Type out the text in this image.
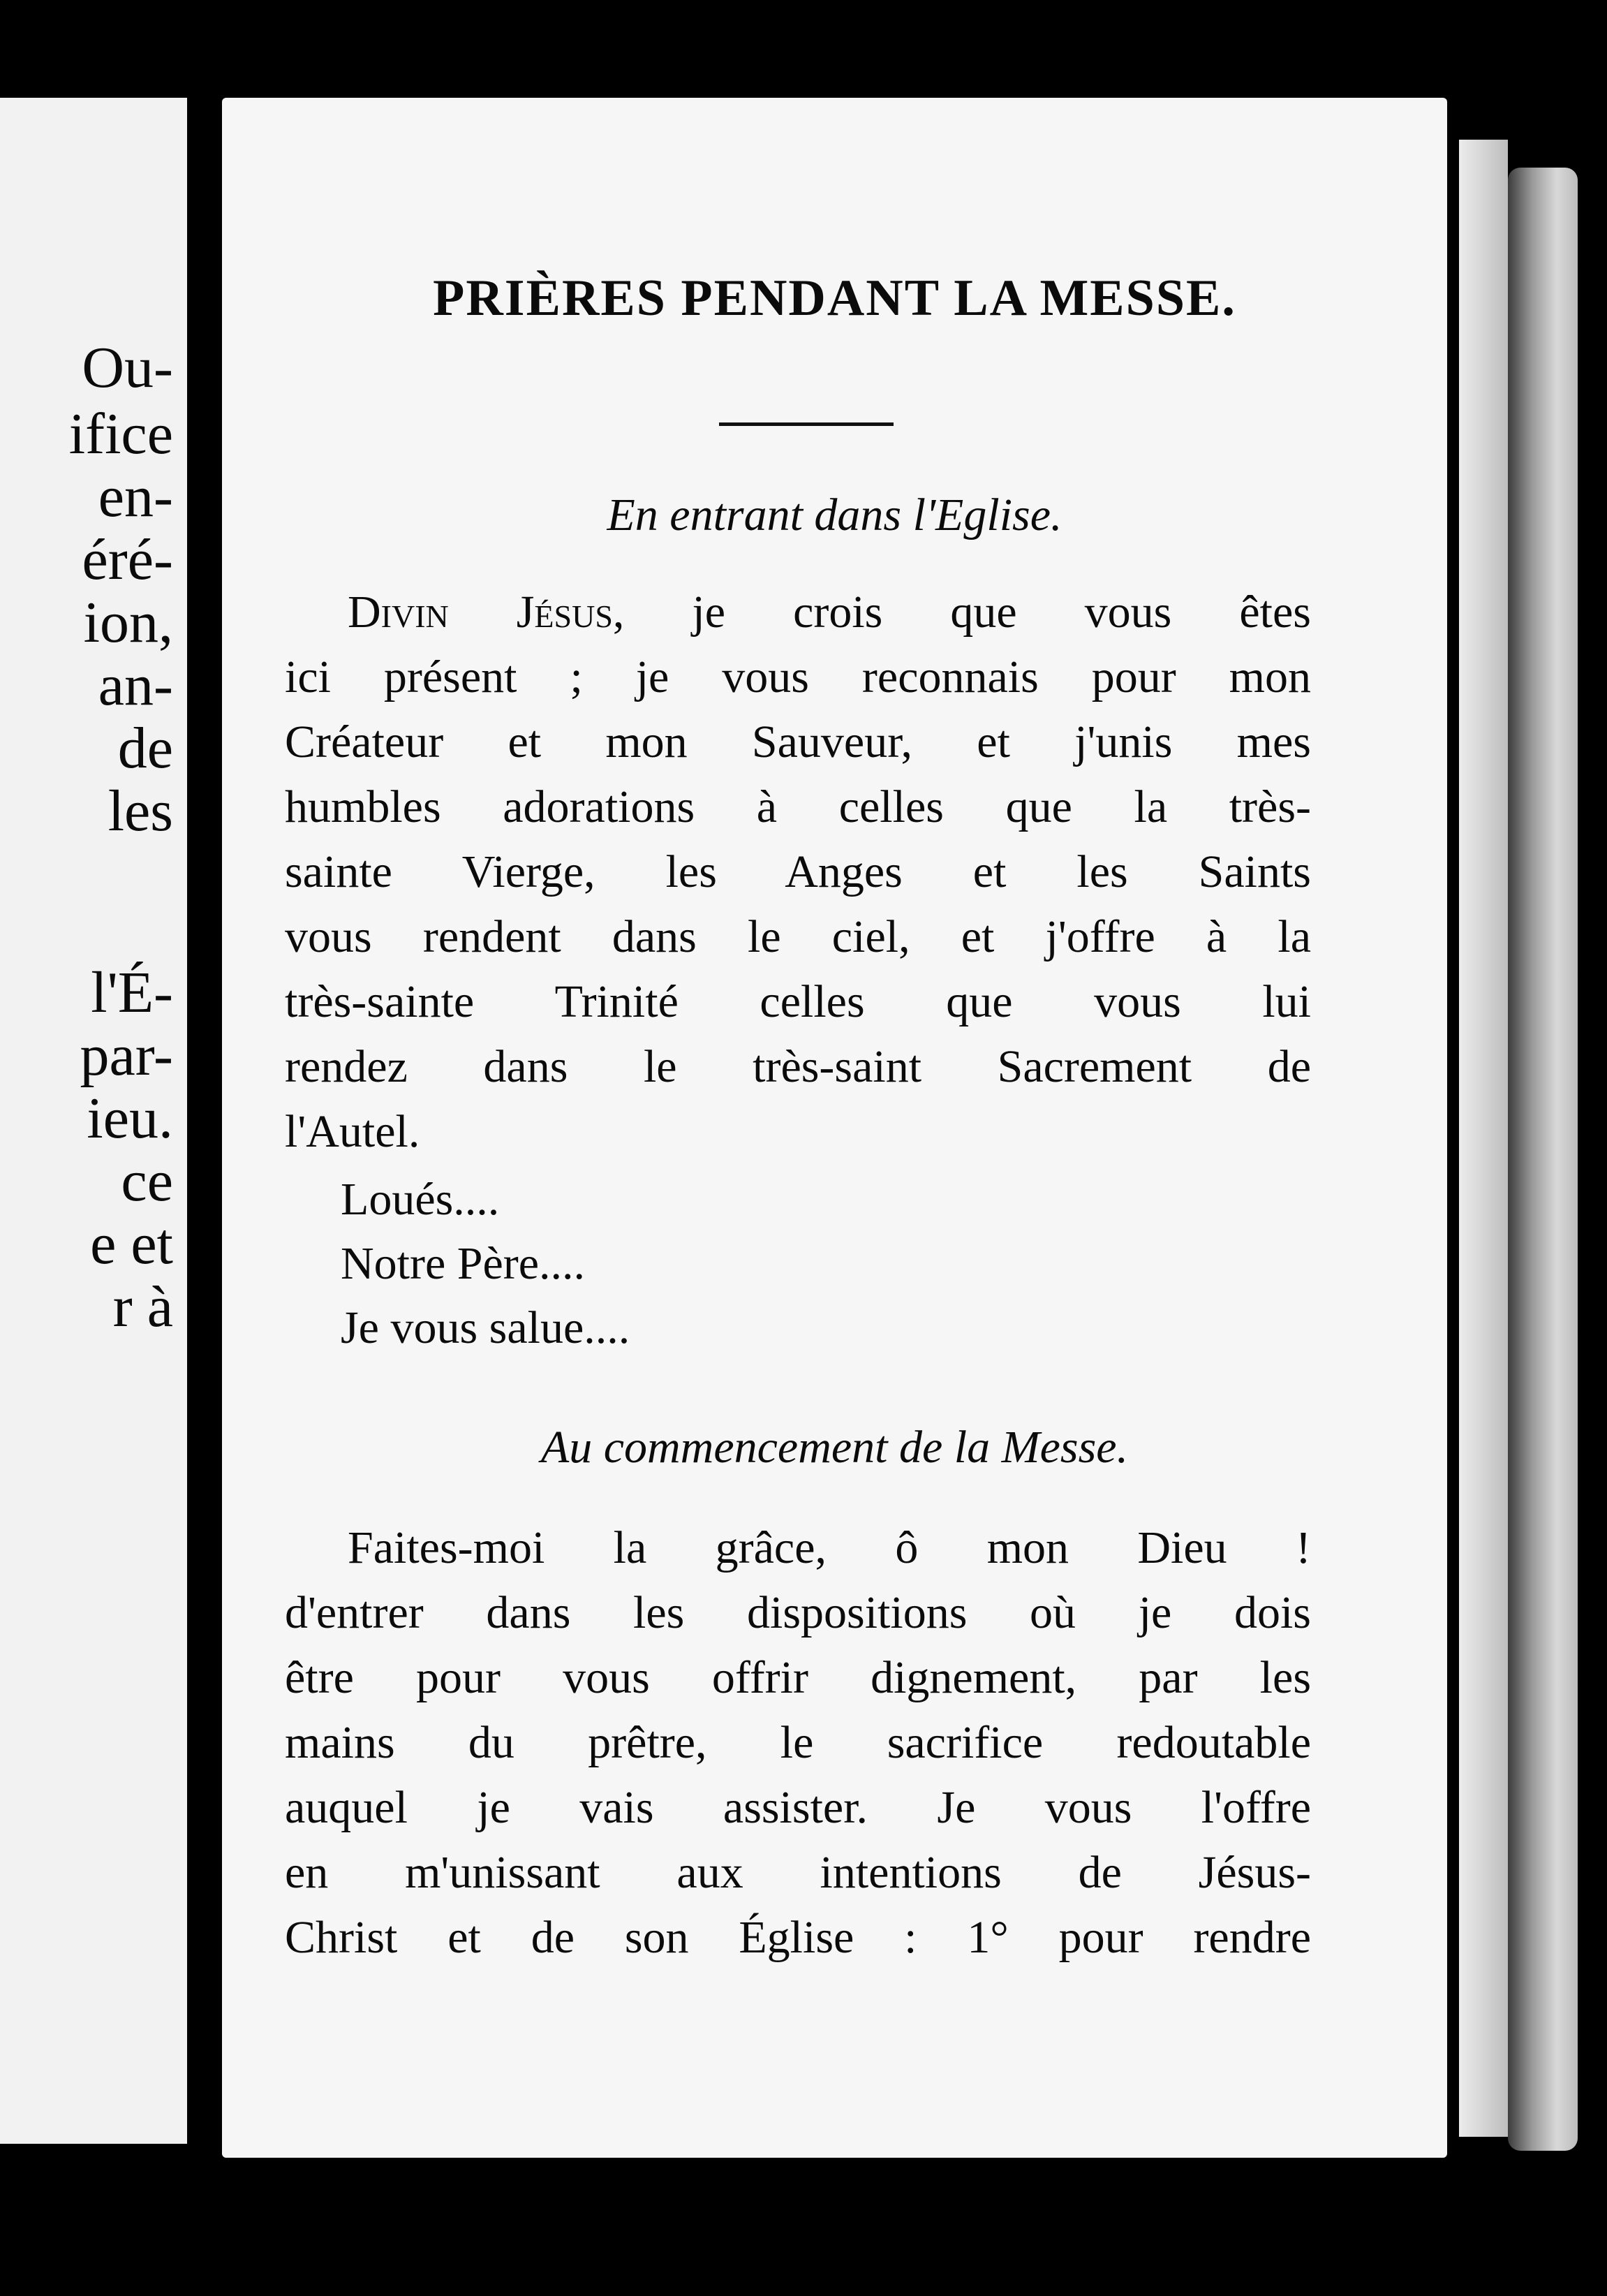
Ou-
ifice
en-
éré-
ion,
an-
de
les
l'É-
par-
ieu.
ce
e et
r à
PRIÈRES PENDANT LA MESSE.
En entrant dans l'Eglise.
Divin Jésus, je crois que vous êtes
ici présent ; je vous reconnais pour mon
Créateur et mon Sauveur, et j'unis mes
humbles adorations à celles que la très-
sainte Vierge, les Anges et les Saints
vous rendent dans le ciel, et j'offre à la
très-sainte Trinité celles que vous lui
rendez dans le très-saint Sacrement de
l'Autel.
Loués....
Notre Père....
Je vous salue....
Au commencement de la Messe.
Faites-moi la grâce, ô mon Dieu !
d'entrer dans les dispositions où je dois
être pour vous offrir dignement, par les
mains du prêtre, le sacrifice redoutable
auquel je vais assister. Je vous l'offre
en m'unissant aux intentions de Jésus-
Christ et de son Église : 1° pour rendre
